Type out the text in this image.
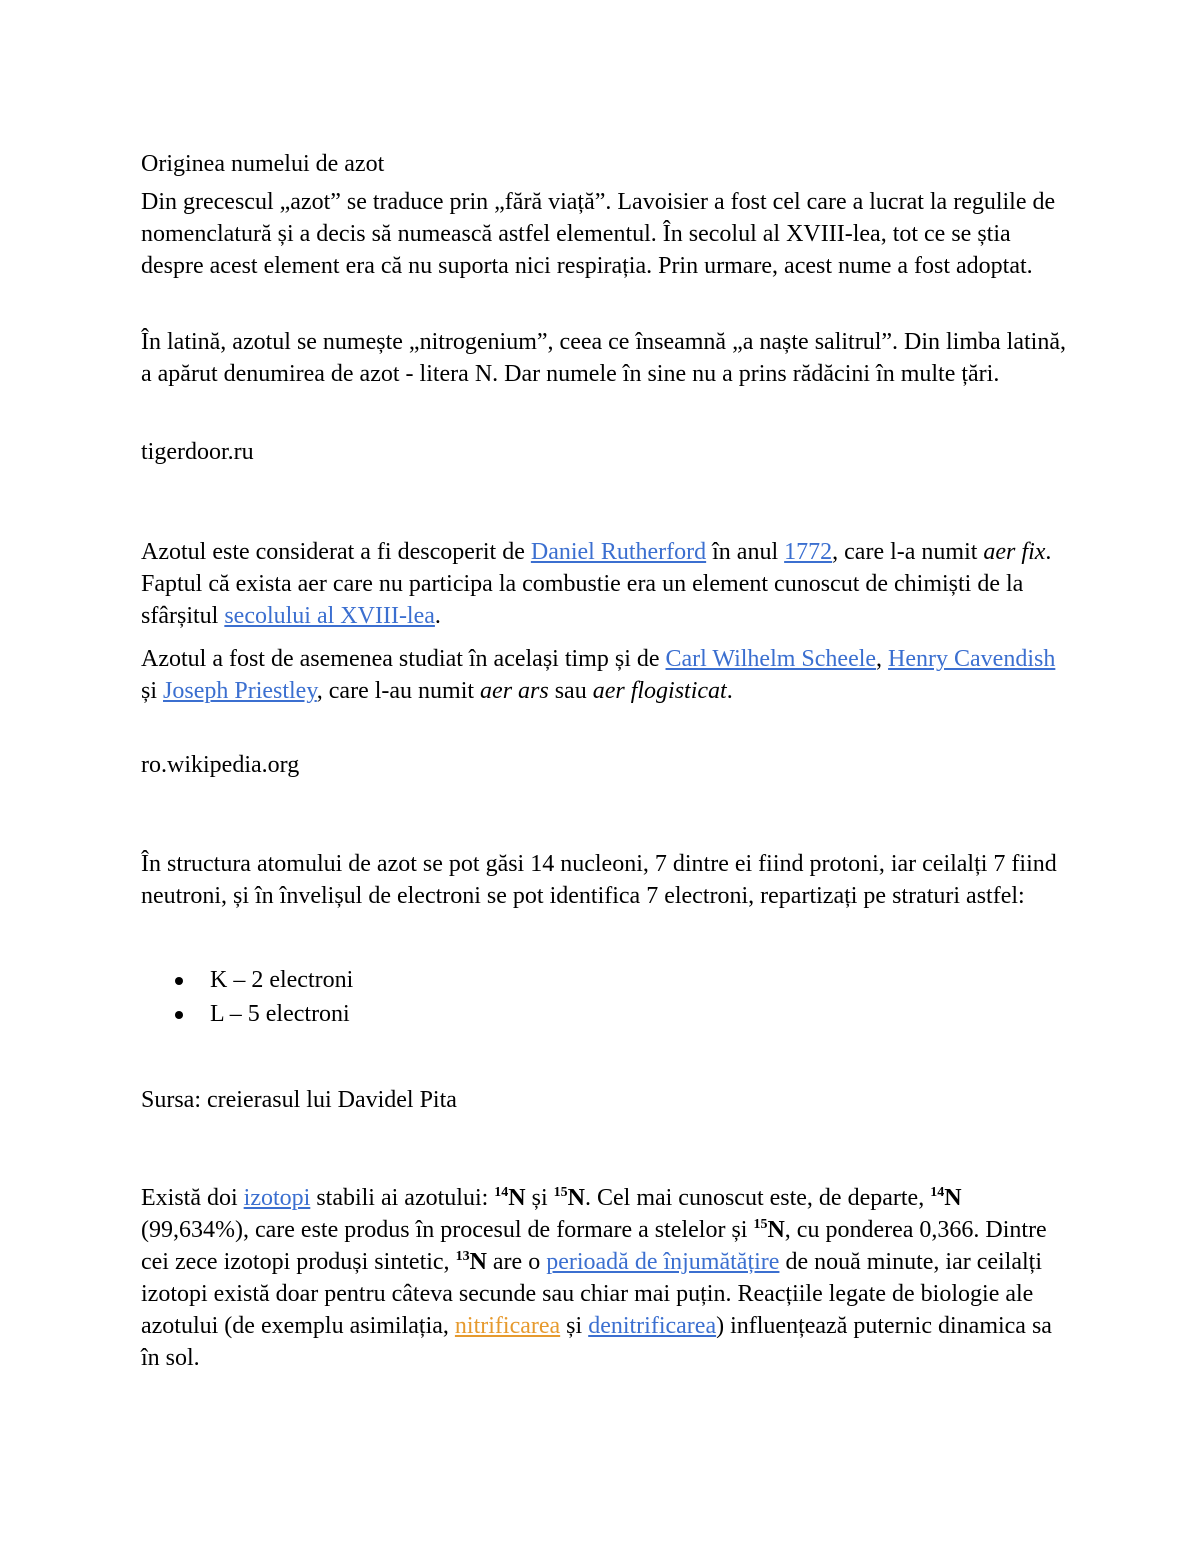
Originea numelui de azot

Din grecescul „azot” se traduce prin „fără viață”. Lavoisier a fost cel care a lucrat la regulile de nomenclatură și a decis să numească astfel elementul. În secolul al XVIII-lea, tot ce se știa despre acest element era că nu suporta nici respirația. Prin urmare, acest nume a fost adoptat.

În latină, azotul se numește „nitrogenium”, ceea ce înseamnă „a naște salitrul”. Din limba latină, a apărut denumirea de azot - litera N. Dar numele în sine nu a prins rădăcini în multe țări.

tigerdoor.ru

Azotul este considerat a fi descoperit de Daniel Rutherford în anul 1772, care l-a numit aer fix. Faptul că exista aer care nu participa la combustie era un element cunoscut de chimiști de la sfârșitul secolului al XVIII-lea.

Azotul a fost de asemenea studiat în același timp și de Carl Wilhelm Scheele, Henry Cavendish și Joseph Priestley, care l-au numit aer ars sau aer flogisticat.

ro.wikipedia.org

În structura atomului de azot se pot găsi 14 nucleoni, 7 dintre ei fiind protoni, iar ceilalți 7 fiind neutroni, și în învelișul de electroni se pot identifica 7 electroni, repartizați pe straturi astfel:

K – 2 electroni
L – 5 electroni

Sursa: creierasul lui Davidel Pita

Există doi izotopi stabili ai azotului: $^{14}$N și $^{15}$N. Cel mai cunoscut este, de departe, $^{14}$N (99,634%), care este produs în procesul de formare a stelelor și $^{15}$N, cu ponderea 0,366. Dintre cei zece izotopi produși sintetic, $^{13}$N are o perioadă de înjumătățire de nouă minute, iar ceilalți izotopi există doar pentru câteva secunde sau chiar mai puțin. Reacțiile legate de biologie ale azotului (de exemplu asimilația, nitrificarea și denitrificarea) influențează puternic dinamica sa în sol.
